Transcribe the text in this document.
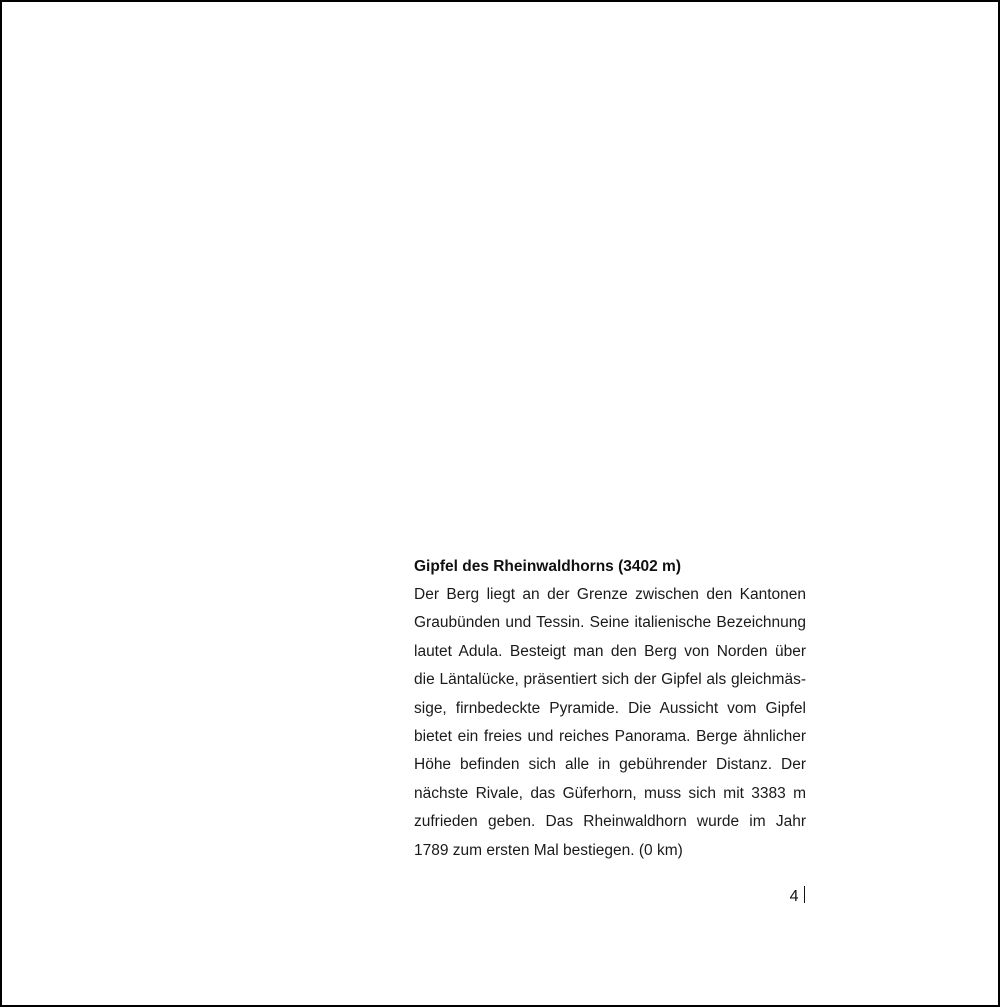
Gipfel des Rheinwaldhorns (3402 m)
Der Berg liegt an der Grenze zwischen den Kantonen
Graubünden und Tessin. Seine italienische Bezeichnung
lautet Adula. Besteigt man den Berg von Norden über
die Läntalücke, präsentiert sich der Gipfel als gleichmäs-
sige, firnbedeckte Pyramide. Die Aussicht vom Gipfel
bietet ein freies und reiches Panorama. Berge ähnlicher
Höhe befinden sich alle in gebührender Distanz. Der
nächste Rivale, das Güferhorn, muss sich mit 3383 m
zufrieden geben. Das Rheinwaldhorn wurde im Jahr
1789 zum ersten Mal bestiegen. (0 km)
4
